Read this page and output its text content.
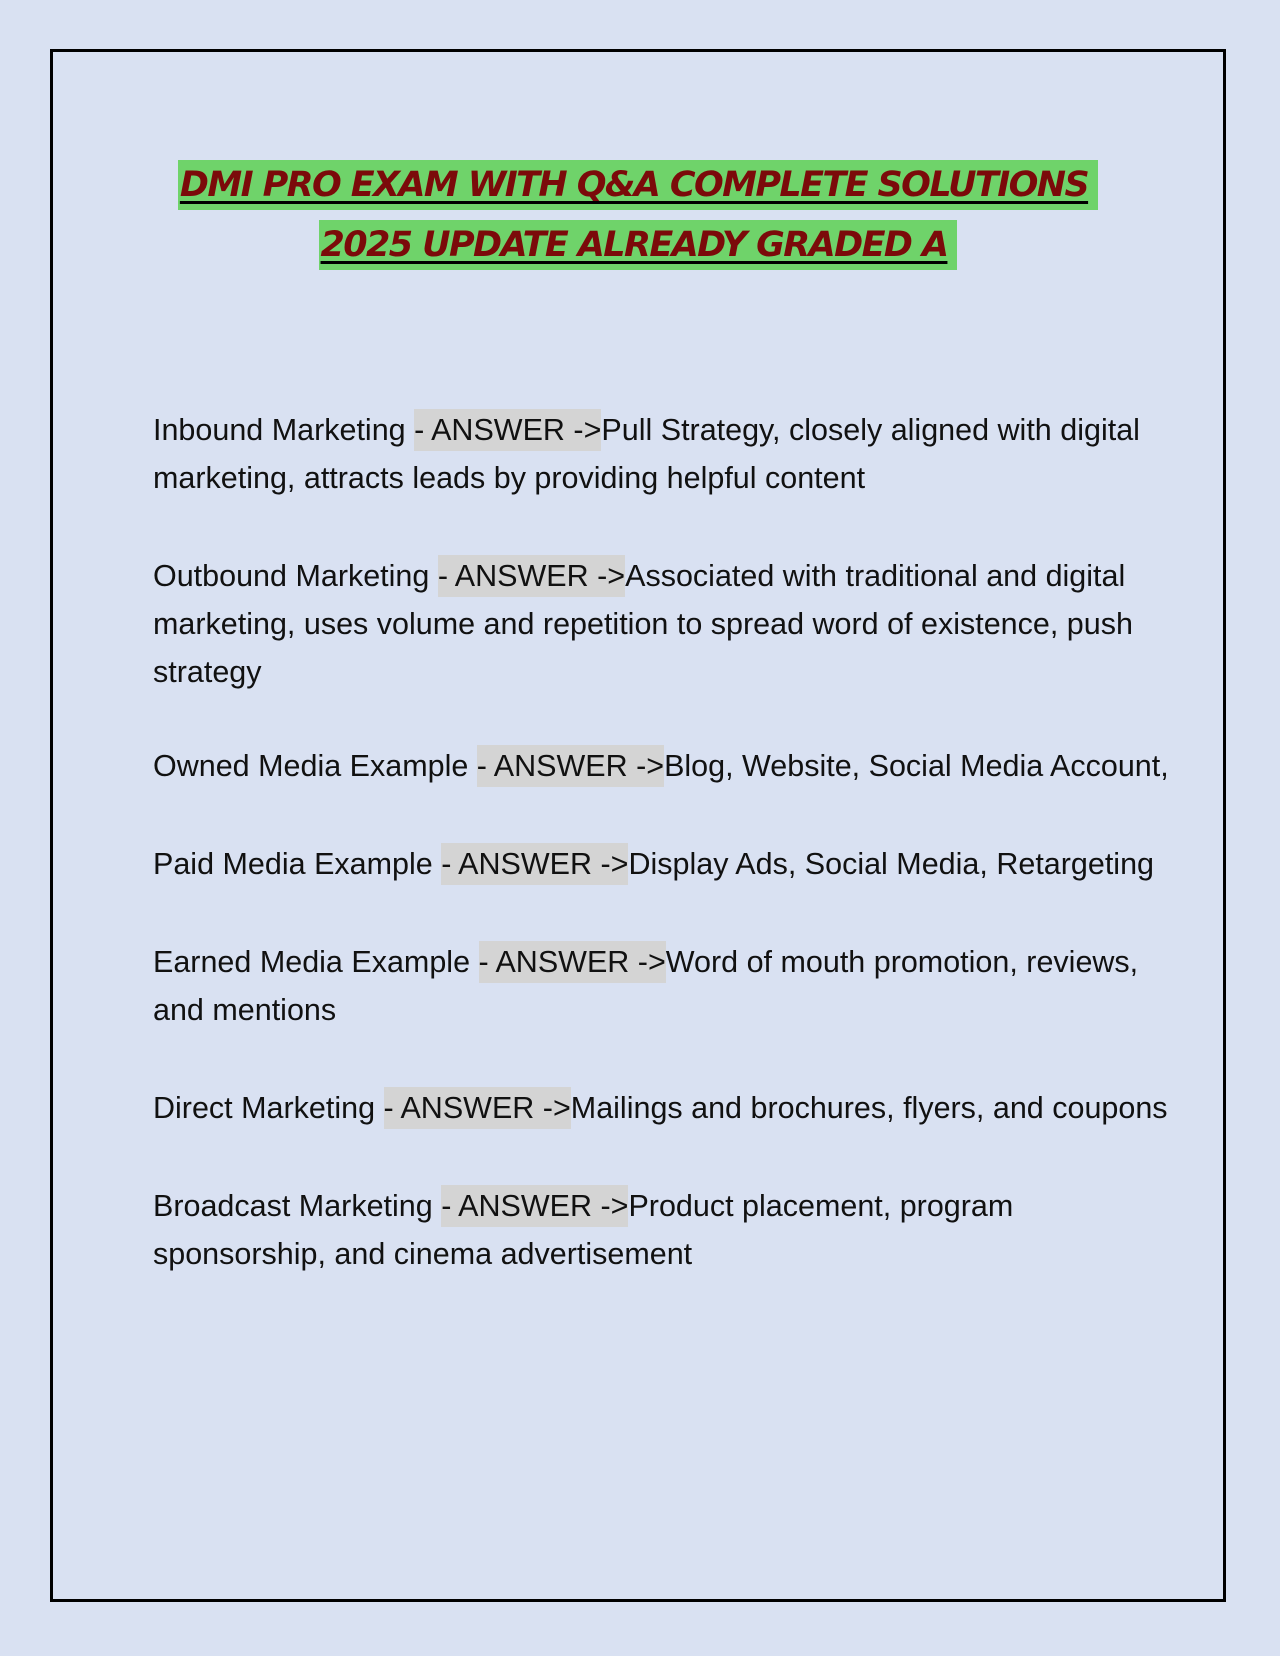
DMI PRO EXAM WITH Q&A COMPLETE SOLUTIONS
2025 UPDATE ALREADY GRADED A

Inbound Marketing - ANSWER ->Pull Strategy, closely aligned with digital marketing, attracts leads by providing helpful content

Outbound Marketing - ANSWER ->Associated with traditional and digital marketing, uses volume and repetition to spread word of existence, push strategy

Owned Media Example - ANSWER ->Blog, Website, Social Media Account,

Paid Media Example - ANSWER ->Display Ads, Social Media, Retargeting

Earned Media Example - ANSWER ->Word of mouth promotion, reviews, and mentions

Direct Marketing - ANSWER ->Mailings and brochures, flyers, and coupons

Broadcast Marketing - ANSWER ->Product placement, program sponsorship, and cinema advertisement
